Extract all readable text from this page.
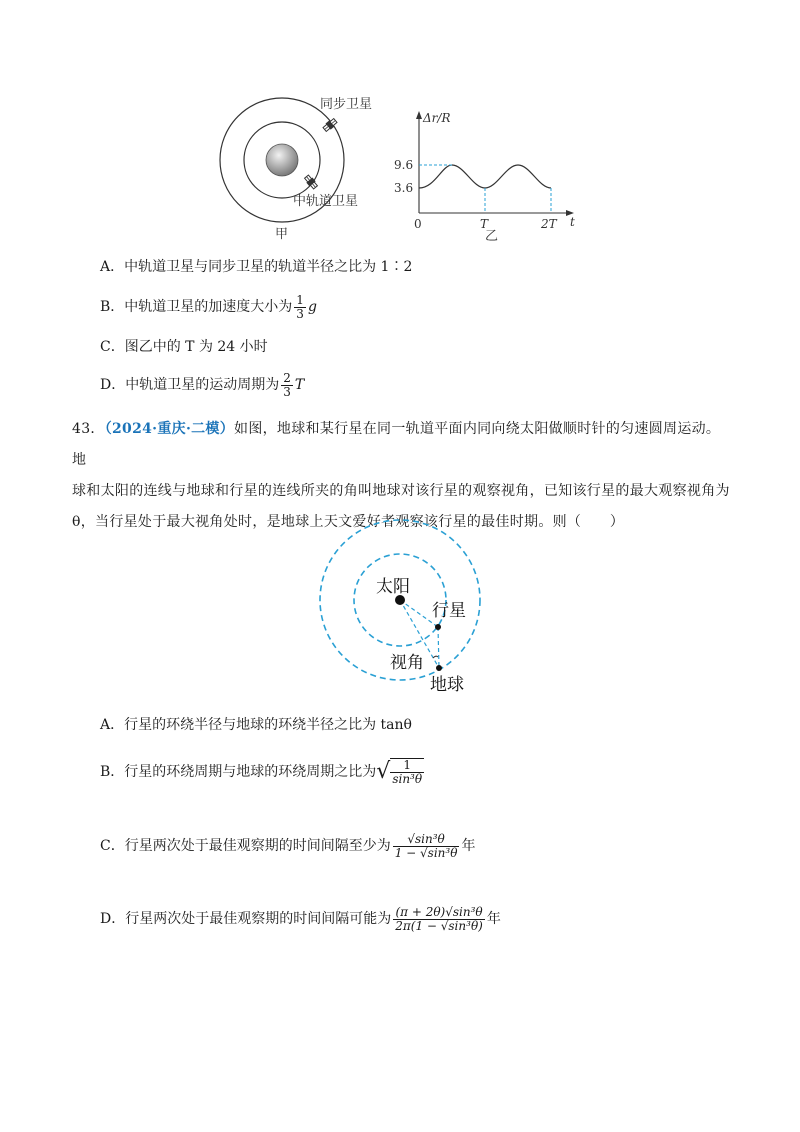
同步卫星
中轨道卫星
甲
Δr/R
9.6
3.6
0	T	2T t
乙
A．中轨道卫星与同步卫星的轨道半径之比为 1∶2
B．中轨道卫星的加速度大小为 $\frac{1}{3}$ g
C．图乙中的 T 为 24 小时
D．中轨道卫星的运动周期为 $\frac{2}{3}$ T
43．（2024·重庆·二模）如图，地球和某行星在同一轨道平面内同向绕太阳做顺时针的匀速圆周运动。地
球和太阳的连线与地球和行星的连线所夹的角叫地球对该行星的观察视角，已知该行星的最大观察视角为
θ，当行星处于最大视角处时，是地球上天文爱好者观察该行星的最佳时期。则（　　）
太阳
行星
视角
地球
A．行星的环绕半径与地球的环绕半径之比为 tanθ
B．行星的环绕周期与地球的环绕周期之比为√ $\frac{1}{\text{sin³θ}}$
C．行星两次处于最佳观察期的时间间隔至少为 $\frac{\text{√sin³θ}}{\text{1 − √sin³θ}}$ 年
D．行星两次处于最佳观察期的时间间隔可能为 $\frac{\text{(π + 2θ)√sin³θ}}{\text{2π(1 − √sin³θ)}}$ 年
